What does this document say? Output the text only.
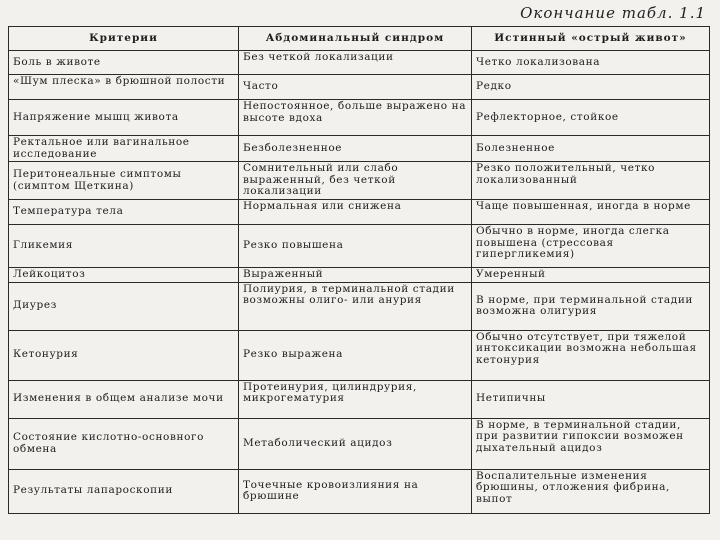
Окончание табл. 1.1
Критерии	Абдоминальный синдром	Истинный «острый живот»
Боль в животе	Без четкой локализации	Четко локализована
«Шум плеска» в брюшной полости	Часто	Редко
Напряжение мышц живота	Непостоянное, больше выражено на высоте вдоха	Рефлекторное, стойкое
Ректальное или вагинальное исследование	Безболезненное	Болезненное
Перитонеальные симптомы (симптом Щеткина)	Сомнительный или слабо выраженный, без четкой локализации	Резко положительный, четко локализованный
Температура тела	Нормальная или снижена	Чаще повышенная, иногда в норме
Гликемия	Резко повышена	Обычно в норме, иногда слегка повышена (стрессовая гипергликемия)
Лейкоцитоз	Выраженный	Умеренный
Диурез	Полиурия, в терминальной стадии возможны олиго- или анурия	В норме, при терминальной стадии возможна олигурия
Кетонурия	Резко выражена	Обычно отсутствует, при тяжелой интоксикации возможна небольшая кетонурия
Изменения в общем анализе мочи	Протеинурия, цилиндрурия, микрогематурия	Нетипичны
Состояние кислотно-основного обмена	Метаболический ацидоз	В норме, в терминальной стадии, при развитии гипоксии возможен дыхательный ацидоз
Результаты лапароскопии	Точечные кровоизлияния на брюшине	Воспалительные изменения брюшины, отложения фибрина, выпот
